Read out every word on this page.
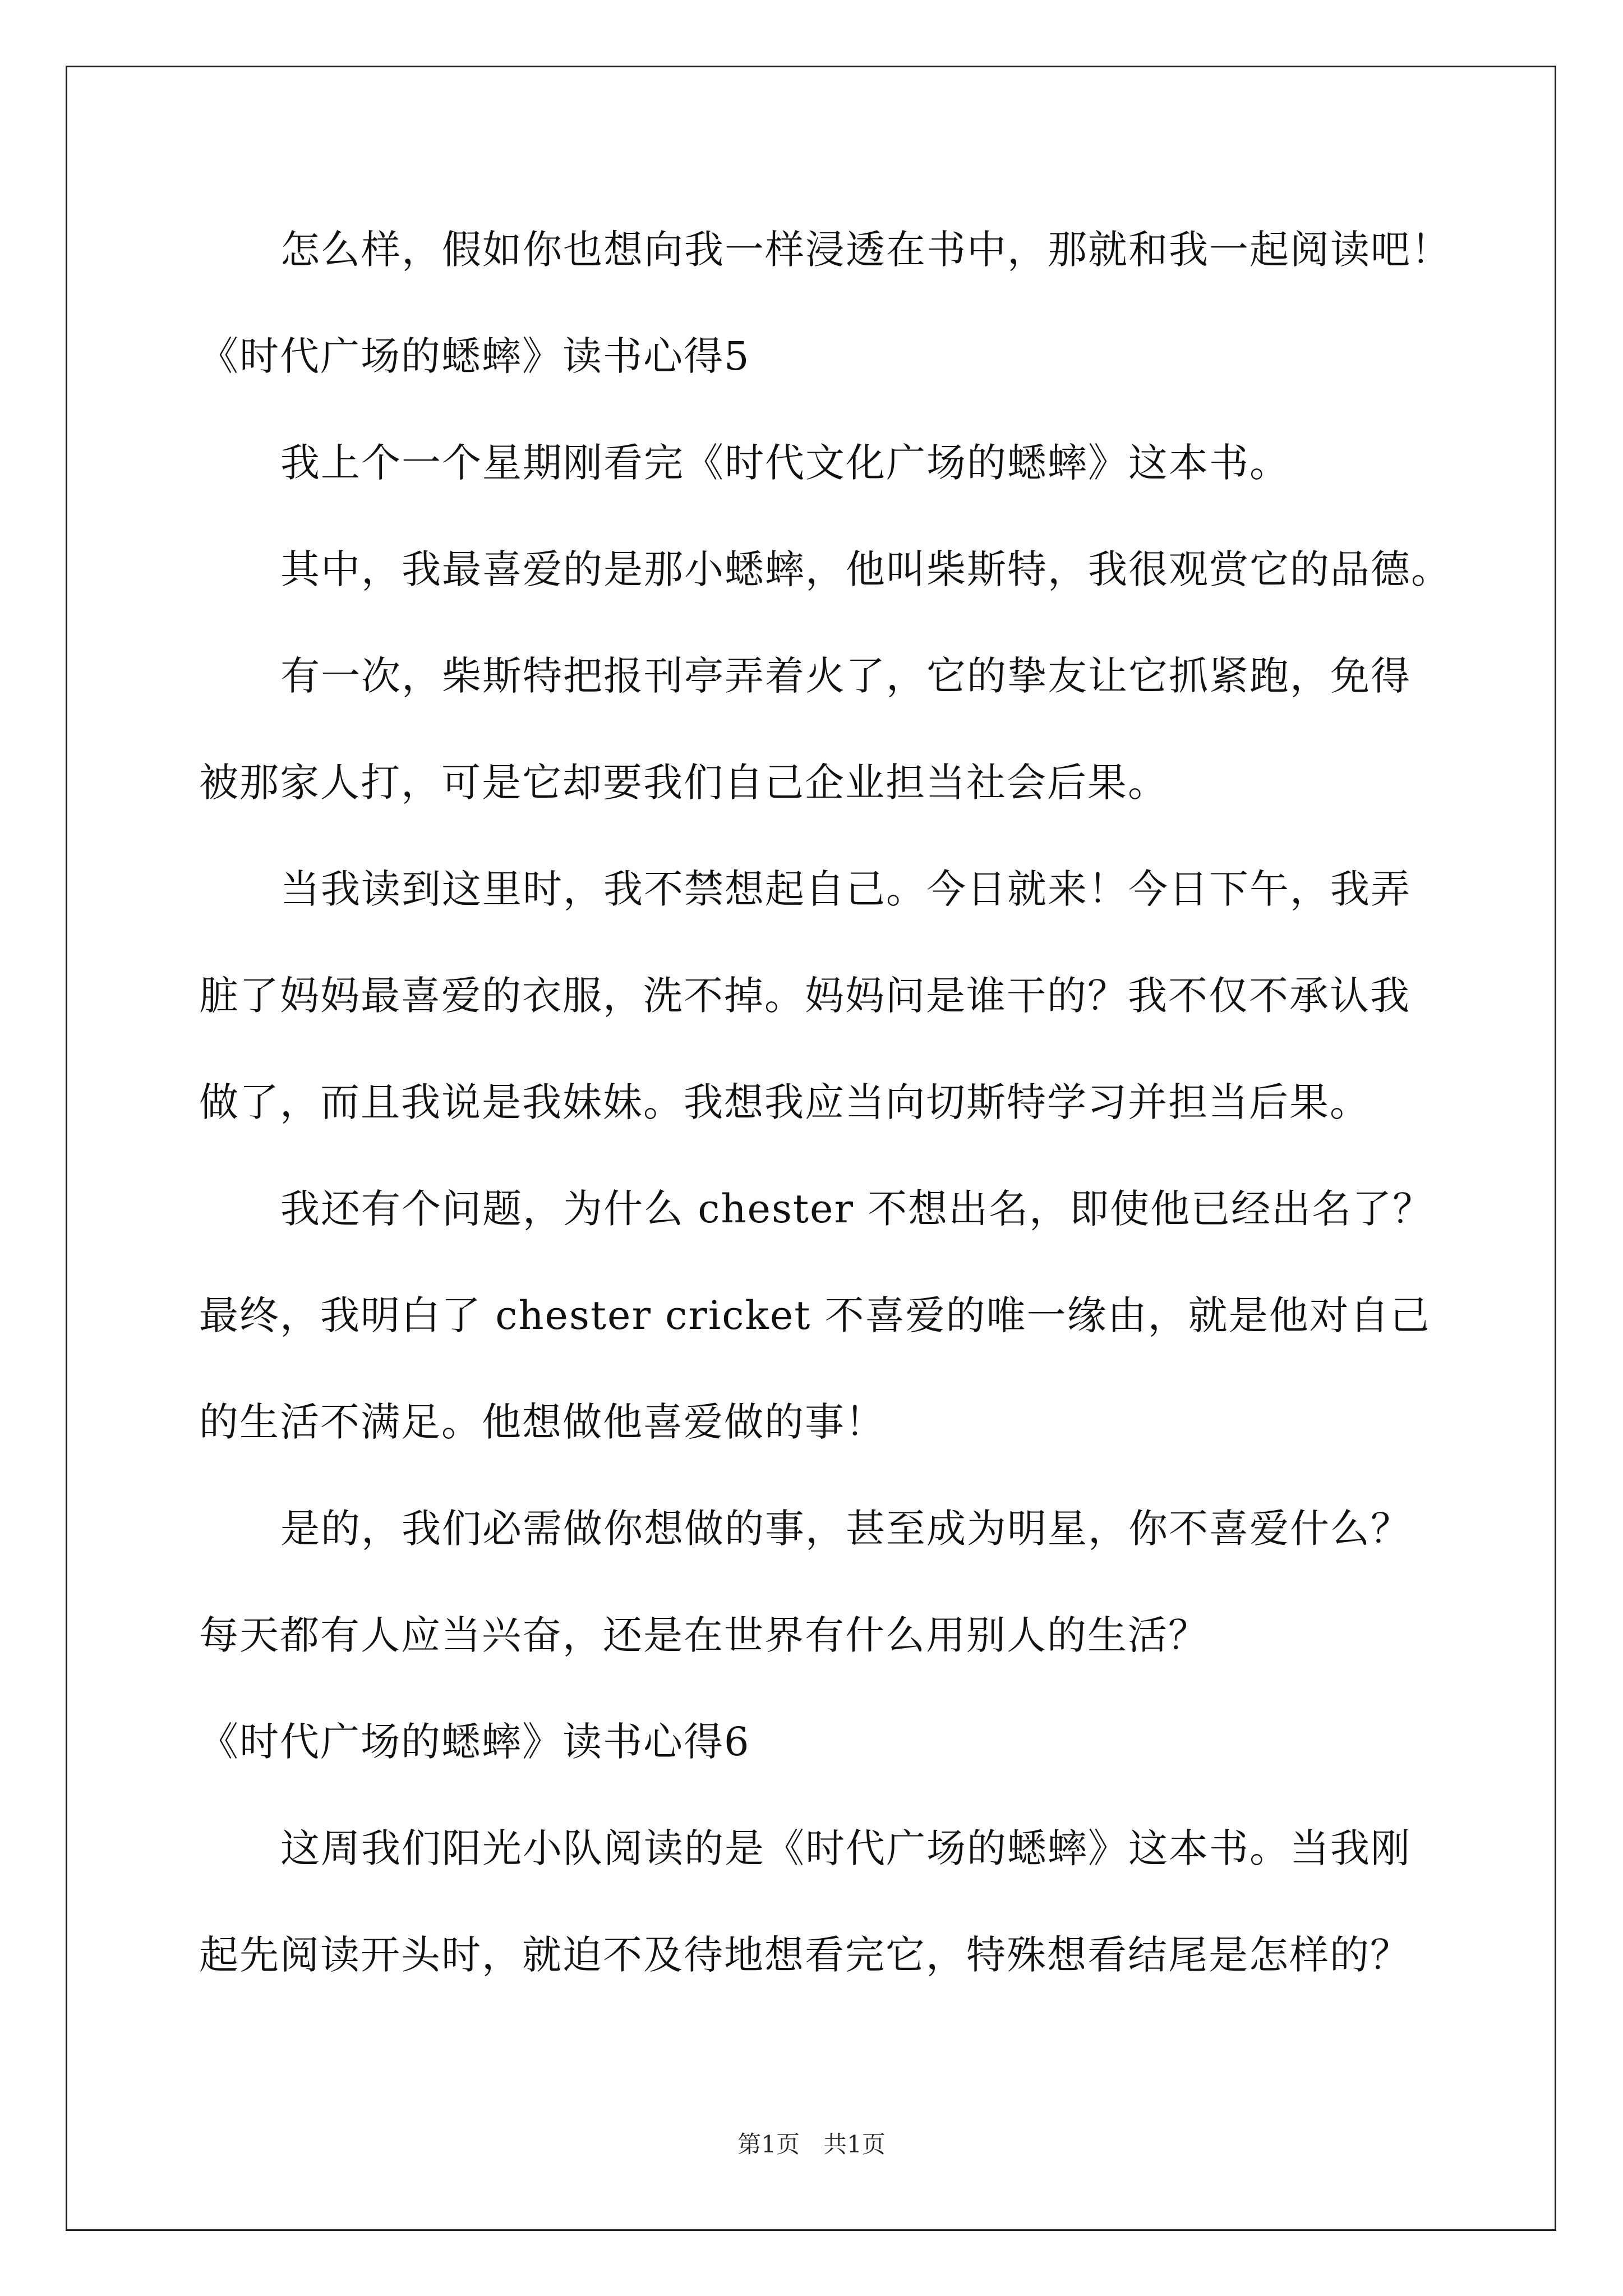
怎么样，假如你也想向我一样浸透在书中，那就和我一起阅读吧！
《时代广场的蟋蟀》读书心得5
我上个一个星期刚看完《时代文化广场的蟋蟀》这本书。
其中，我最喜爱的是那小蟋蟀，他叫柴斯特，我很观赏它的品德。
有一次，柴斯特把报刊亭弄着火了，它的挚友让它抓紧跑，免得
被那家人打，可是它却要我们自己企业担当社会后果。
当我读到这里时，我不禁想起自己。今日就来！今日下午，我弄
脏了妈妈最喜爱的衣服，洗不掉。妈妈问是谁干的？我不仅不承认我
做了，而且我说是我妹妹。我想我应当向切斯特学习并担当后果。
我还有个问题，为什么 chester 不想出名，即使他已经出名了？
最终，我明白了 chester cricket 不喜爱的唯一缘由，就是他对自己
的生活不满足。他想做他喜爱做的事！
是的，我们必需做你想做的事，甚至成为明星，你不喜爱什么？
每天都有人应当兴奋，还是在世界有什么用别人的生活？
《时代广场的蟋蟀》读书心得6
这周我们阳光小队阅读的是《时代广场的蟋蟀》这本书。当我刚
起先阅读开头时，就迫不及待地想看完它，特殊想看结尾是怎样的？
第1页　共1页
